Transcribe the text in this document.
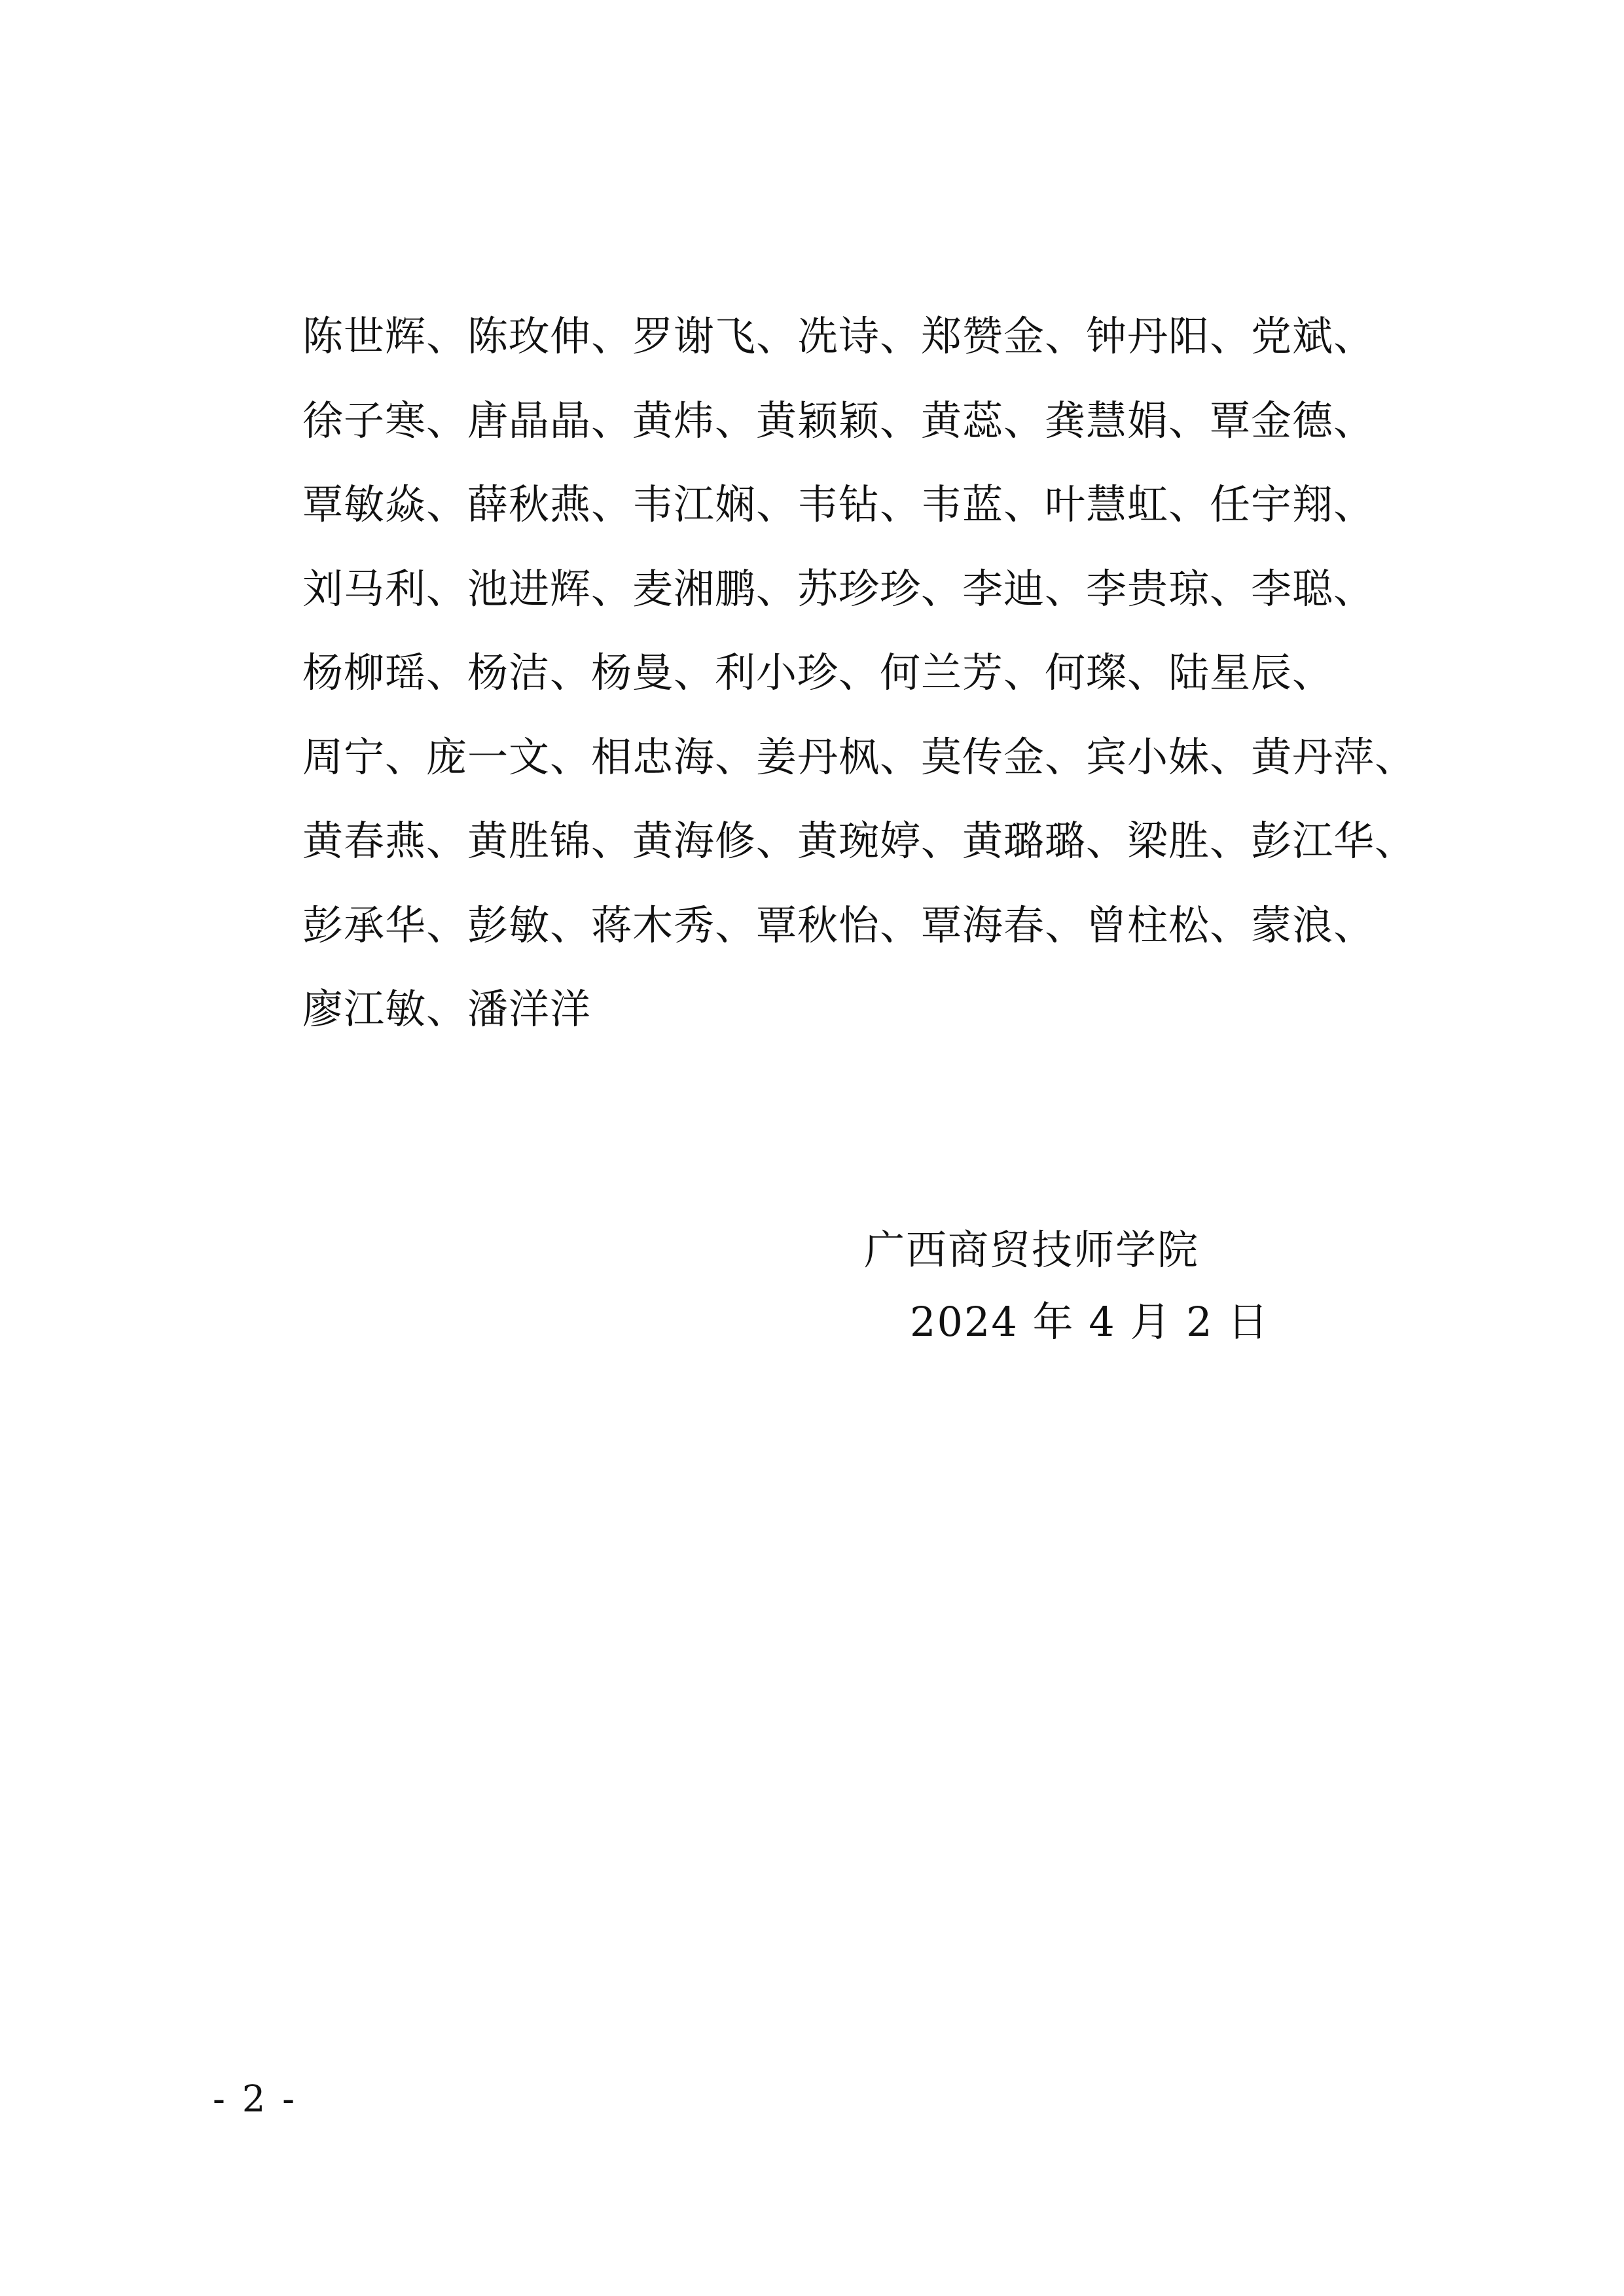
陈世辉、陈玫伸、罗谢飞、冼诗、郑赞金、钟丹阳、党斌、
徐子寒、唐晶晶、黄炜、黄颖颖、黄蕊、龚慧娟、覃金德、
覃敏焱、薛秋燕、韦江娴、韦钻、韦蓝、叶慧虹、任宇翔、
刘马利、池进辉、麦湘鹏、苏珍珍、李迪、李贵琼、李聪、
杨柳瑶、杨洁、杨曼、利小珍、何兰芳、何璨、陆星辰、
周宁、庞一文、相忠海、姜丹枫、莫传金、宾小妹、黄丹萍、
黄春燕、黄胜锦、黄海修、黄琬婷、黄璐璐、梁胜、彭江华、
彭承华、彭敏、蒋木秀、覃秋怡、覃海春、曾柱松、蒙浪、
廖江敏、潘洋洋
广西商贸技师学院
2024 年 4 月 2 日
- 2 -
